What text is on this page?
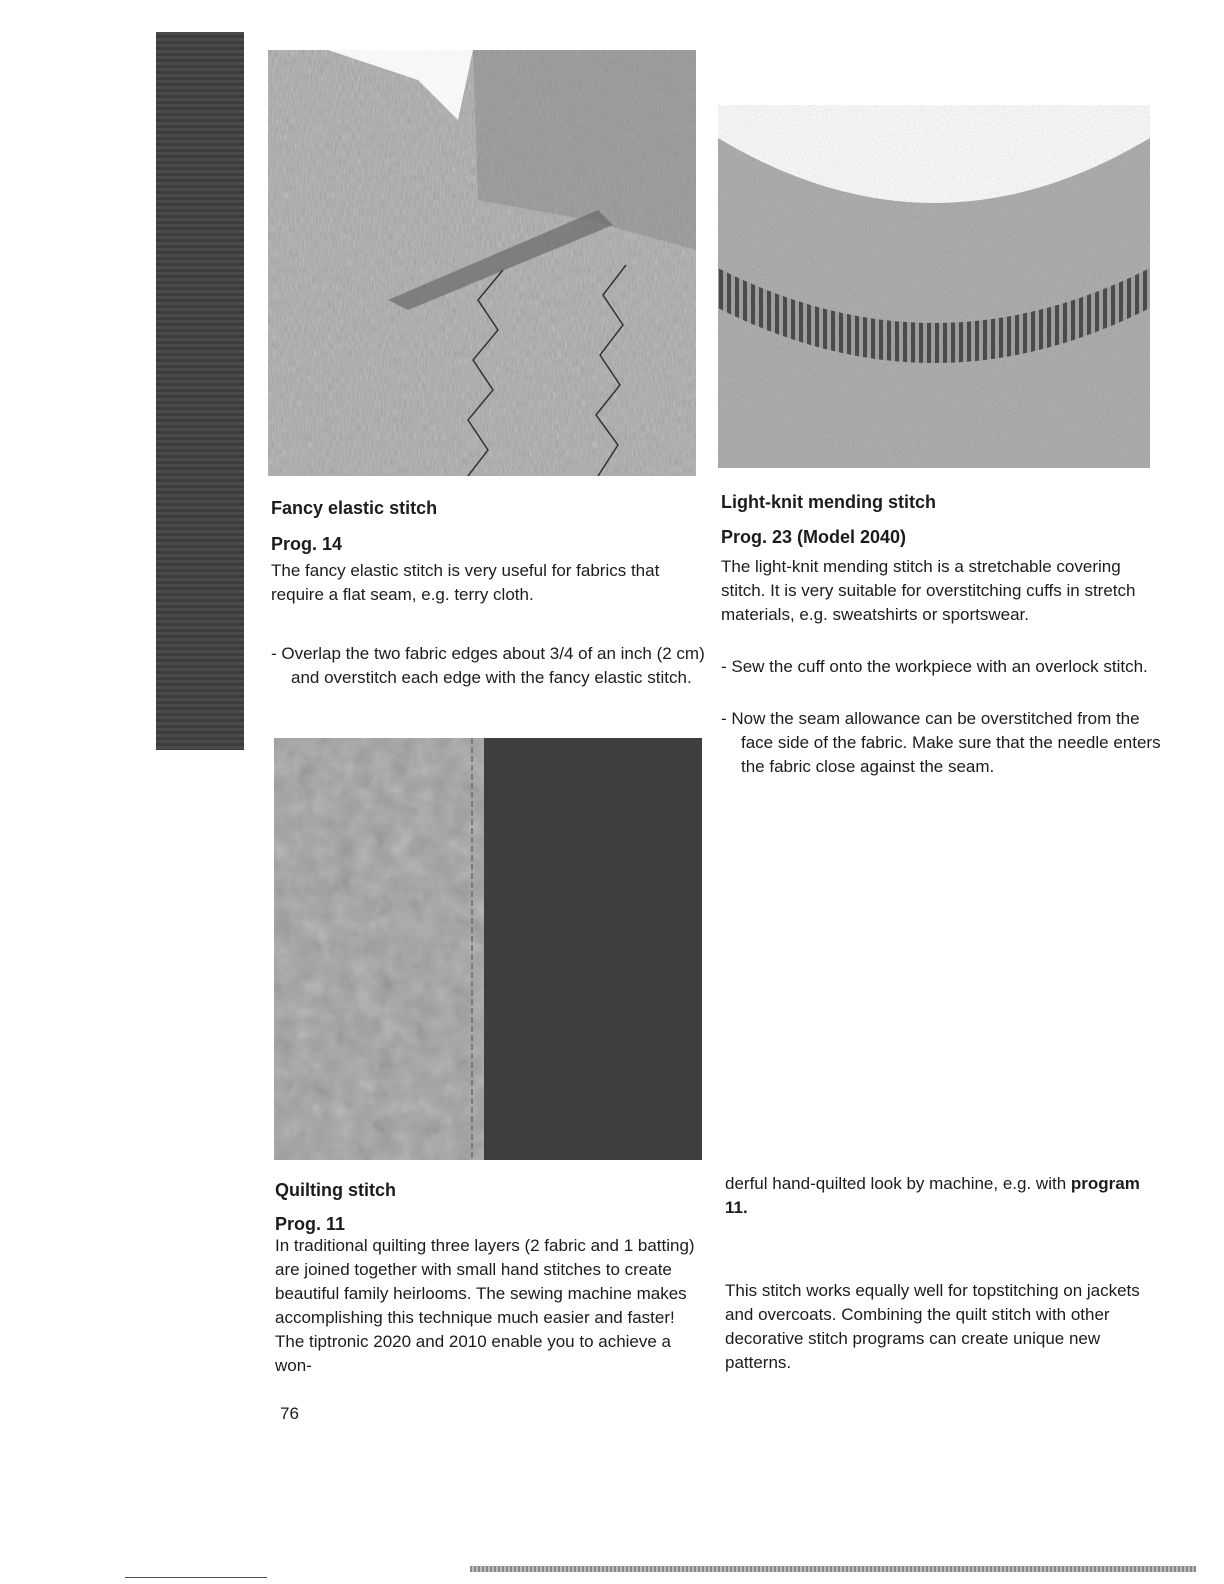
Fancy elastic stitch
Prog. 14

The fancy elastic stitch is very useful for fabrics that require a flat seam, e.g. terry cloth.

- Overlap the two fabric edges about 3/4 of an inch (2 cm) and overstitch each edge with the fancy elastic stitch.

Light-knit mending stitch
Prog. 23 (Model 2040)

The light-knit mending stitch is a stretchable covering stitch. It is very suitable for overstitching cuffs in stretch materials, e.g. sweatshirts or sportswear.

- Sew the cuff onto the workpiece with an overlock stitch.

- Now the seam allowance can be overstitched from the face side of the fabric. Make sure that the needle enters the fabric close against the seam.

Quilting stitch
Prog. 11

In traditional quilting three layers (2 fabric and 1 batting) are joined together with small hand stitches to create beautiful family heirlooms. The sewing machine makes accomplishing this technique much easier and faster! The tiptronic 2020 and 2010 enable you to achieve a won-

derful hand-quilted look by machine, e.g. with program 11.

This stitch works equally well for topstitching on jackets and overcoats. Combining the quilt stitch with other decorative stitch programs can create unique new patterns.

76
